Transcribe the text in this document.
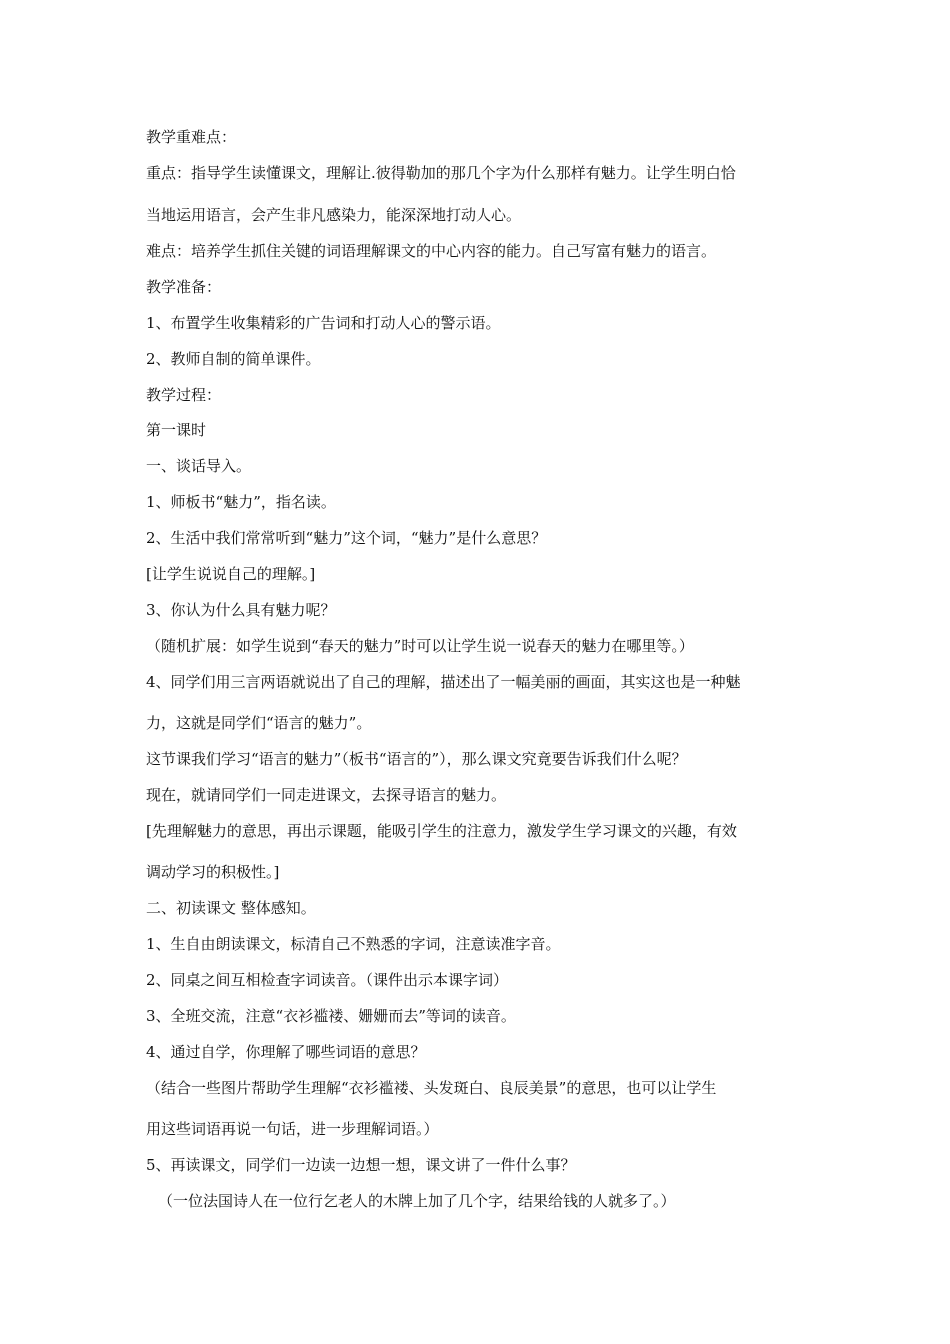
教学重难点：
重点：指导学生读懂课文，理解让.彼得勒加的那几个字为什么那样有魅力。让学生明白恰
当地运用语言，会产生非凡感染力，能深深地打动人心。
难点：培养学生抓住关键的词语理解课文的中心内容的能力。自己写富有魅力的语言。
教学准备：
1、布置学生收集精彩的广告词和打动人心的警示语。
2、教师自制的简单课件。
教学过程：
第一课时
一、谈话导入。
1、师板书“魅力”，指名读。
2、生活中我们常常听到“魅力”这个词，“魅力”是什么意思？
[让学生说说自己的理解。]
3、你认为什么具有魅力呢？
（随机扩展：如学生说到“春天的魅力”时可以让学生说一说春天的魅力在哪里等。）
4、同学们用三言两语就说出了自己的理解，描述出了一幅美丽的画面，其实这也是一种魅
力，这就是同学们“语言的魅力”。
这节课我们学习“语言的魅力”（板书“语言的”），那么课文究竟要告诉我们什么呢？
现在，就请同学们一同走进课文，去探寻语言的魅力。
[先理解魅力的意思，再出示课题，能吸引学生的注意力，激发学生学习课文的兴趣，有效
调动学习的积极性。]
二、初读课文 整体感知。
1、生自由朗读课文，标清自己不熟悉的字词，注意读准字音。
2、同桌之间互相检查字词读音。（课件出示本课字词）
3、全班交流，注意“衣衫褴褛、姗姗而去”等词的读音。
4、通过自学，你理解了哪些词语的意思？
（结合一些图片帮助学生理解“衣衫褴褛、头发斑白、良辰美景”的意思，也可以让学生
用这些词语再说一句话，进一步理解词语。）
5、再读课文，同学们一边读一边想一想，课文讲了一件什么事？
（一位法国诗人在一位行乞老人的木牌上加了几个字，结果给钱的人就多了。）
